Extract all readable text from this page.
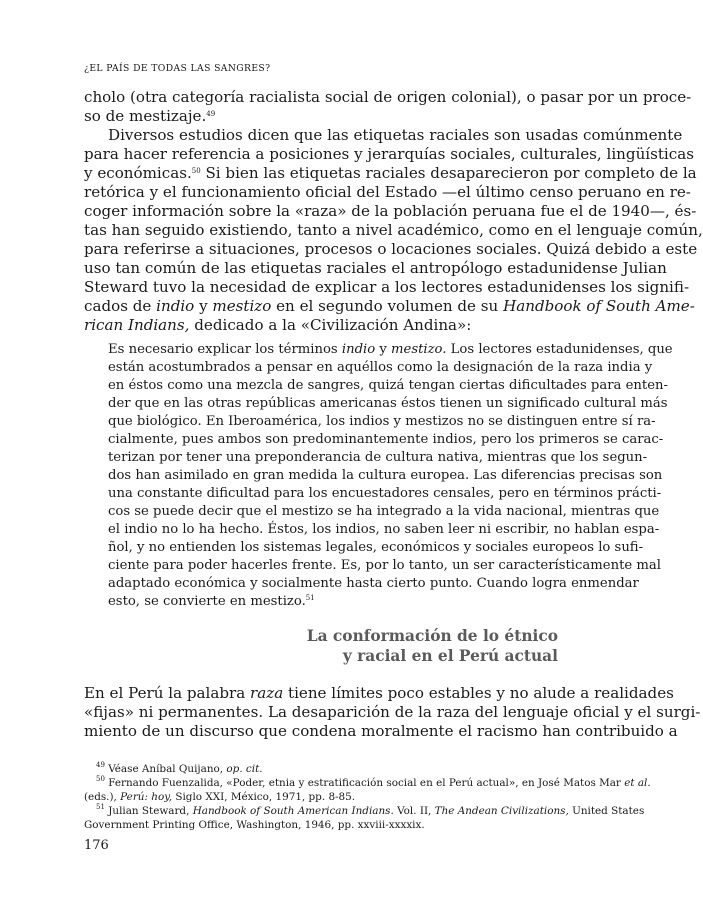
¿EL PAÍS DE TODAS LAS SANGRES?
cholo (otra categoría racialista social de origen colonial), o pasar por un proce-
so de mestizaje.$^{49}$
Diversos estudios dicen que las etiquetas raciales son usadas comúnmente
para hacer referencia a posiciones y jerarquías sociales, culturales, lingüísticas
y económicas.$^{50}$ Si bien las etiquetas raciales desaparecieron por completo de la
retórica y el funcionamiento oficial del Estado —el último censo peruano en re-
coger información sobre la «raza» de la población peruana fue el de 1940—, és-
tas han seguido existiendo, tanto a nivel académico, como en el lenguaje común,
para referirse a situaciones, procesos o locaciones sociales. Quizá debido a este
uso tan común de las etiquetas raciales el antropólogo estadunidense Julian
Steward tuvo la necesidad de explicar a los lectores estadunidenses los signifi-
cados de indio y mestizo en el segundo volumen de su Handbook of South Ame-
rican Indians, dedicado a la «Civilización Andina»:
Es necesario explicar los términos indio y mestizo. Los lectores estadunidenses, que
están acostumbrados a pensar en aquéllos como la designación de la raza india y
en éstos como una mezcla de sangres, quizá tengan ciertas dificultades para enten-
der que en las otras repúblicas americanas éstos tienen un significado cultural más
que biológico. En Iberoamérica, los indios y mestizos no se distinguen entre sí ra-
cialmente, pues ambos son predominantemente indios, pero los primeros se carac-
terizan por tener una preponderancia de cultura nativa, mientras que los segun-
dos han asimilado en gran medida la cultura europea. Las diferencias precisas son
una constante dificultad para los encuestadores censales, pero en términos prácti-
cos se puede decir que el mestizo se ha integrado a la vida nacional, mientras que
el indio no lo ha hecho. Éstos, los indios, no saben leer ni escribir, no hablan espa-
ñol, y no entienden los sistemas legales, económicos y sociales europeos lo sufi-
ciente para poder hacerles frente. Es, por lo tanto, un ser característicamente mal
adaptado económica y socialmente hasta cierto punto. Cuando logra enmendar
esto, se convierte en mestizo.$^{51}$
La conformación de lo étnico
y racial en el Perú actual
En el Perú la palabra raza tiene límites poco estables y no alude a realidades
«fijas» ni permanentes. La desaparición de la raza del lenguaje oficial y el surgi-
miento de un discurso que condena moralmente el racismo han contribuido a
$^{49}$ Véase Aníbal Quijano, op. cit.
$^{50}$ Fernando Fuenzalida, «Poder, etnia y estratificación social en el Perú actual», en José Matos Mar et al.
(eds.), Perú: hoy, Siglo XXI, México, 1971, pp. 8-85.
$^{51}$ Julian Steward, Handbook of South American Indians. Vol. II, The Andean Civilizations, United States
Government Printing Office, Washington, 1946, pp. xxviii-xxxxix.
176
